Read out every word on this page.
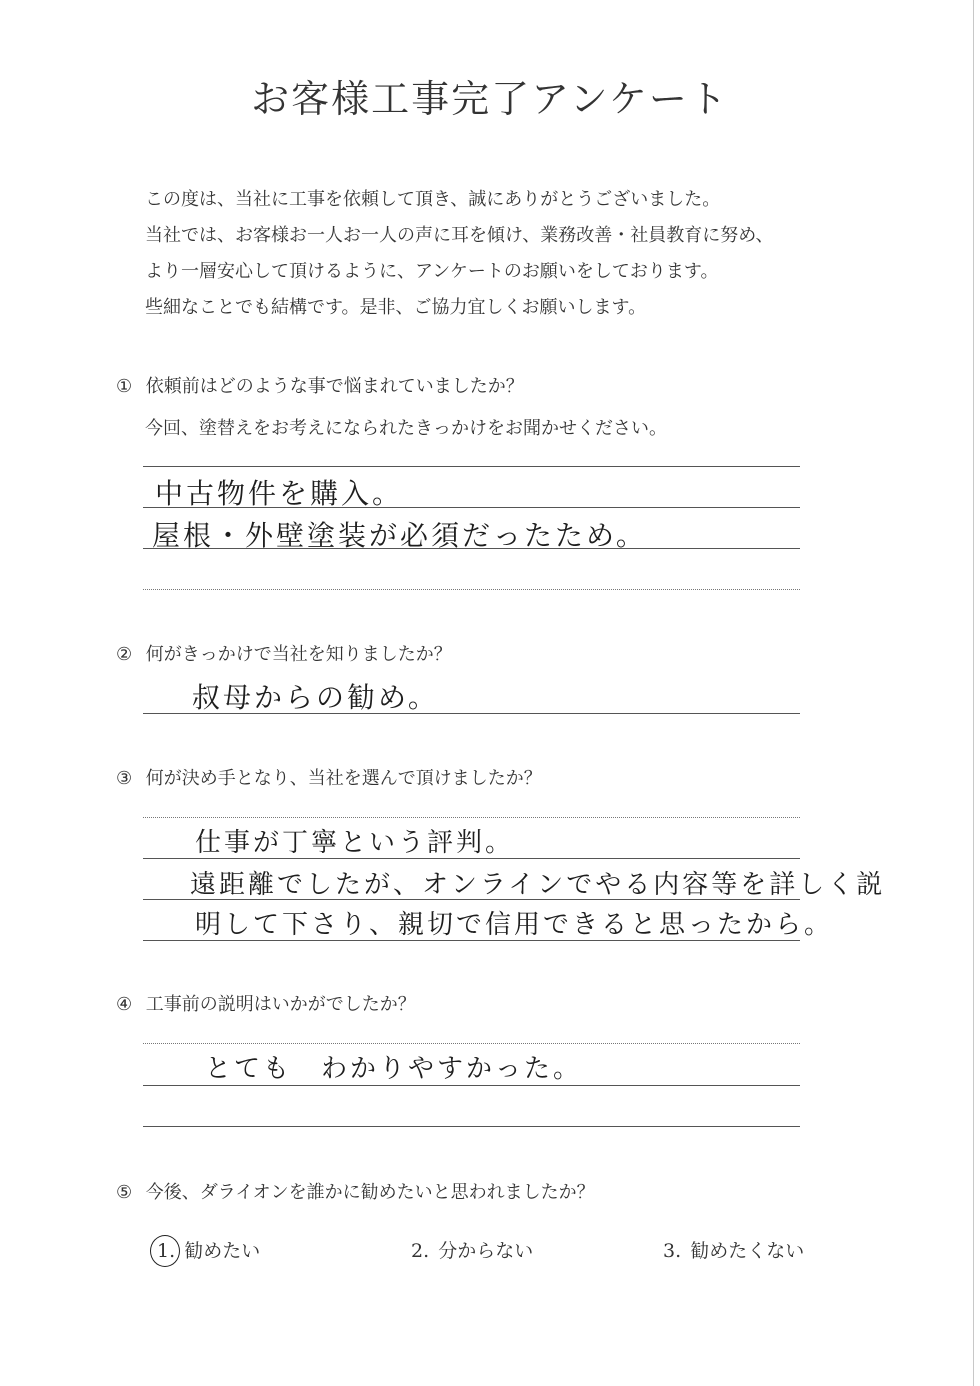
お客様工事完了アンケート
この度は、当社に工事を依頼して頂き、誠にありがとうございました。
当社では、お客様お一人お一人の声に耳を傾け、業務改善・社員教育に努め、
より一層安心して頂けるように、アンケートのお願いをしております。
些細なことでも結構です。是非、ご協力宜しくお願いします。
① 依頼前はどのような事で悩まれていましたか？
今回、塗替えをお考えになられたきっかけをお聞かせください。
中古物件を購入。
屋根・外壁塗装が必須だったため。
② 何がきっかけで当社を知りましたか？
叔母からの勧め。
③ 何が決め手となり、当社を選んで頂けましたか？
仕事が丁寧という評判。
遠距離でしたが、オンラインでやる内容等を詳しく説
明して下さり、親切で信用できると思ったから。
④ 工事前の説明はいかがでしたか？
とても　わかりやすかった。
⑤ 今後、ダライオンを誰かに勧めたいと思われましたか？
1. 勧めたい	2. 分からない	3. 勧めたくない
